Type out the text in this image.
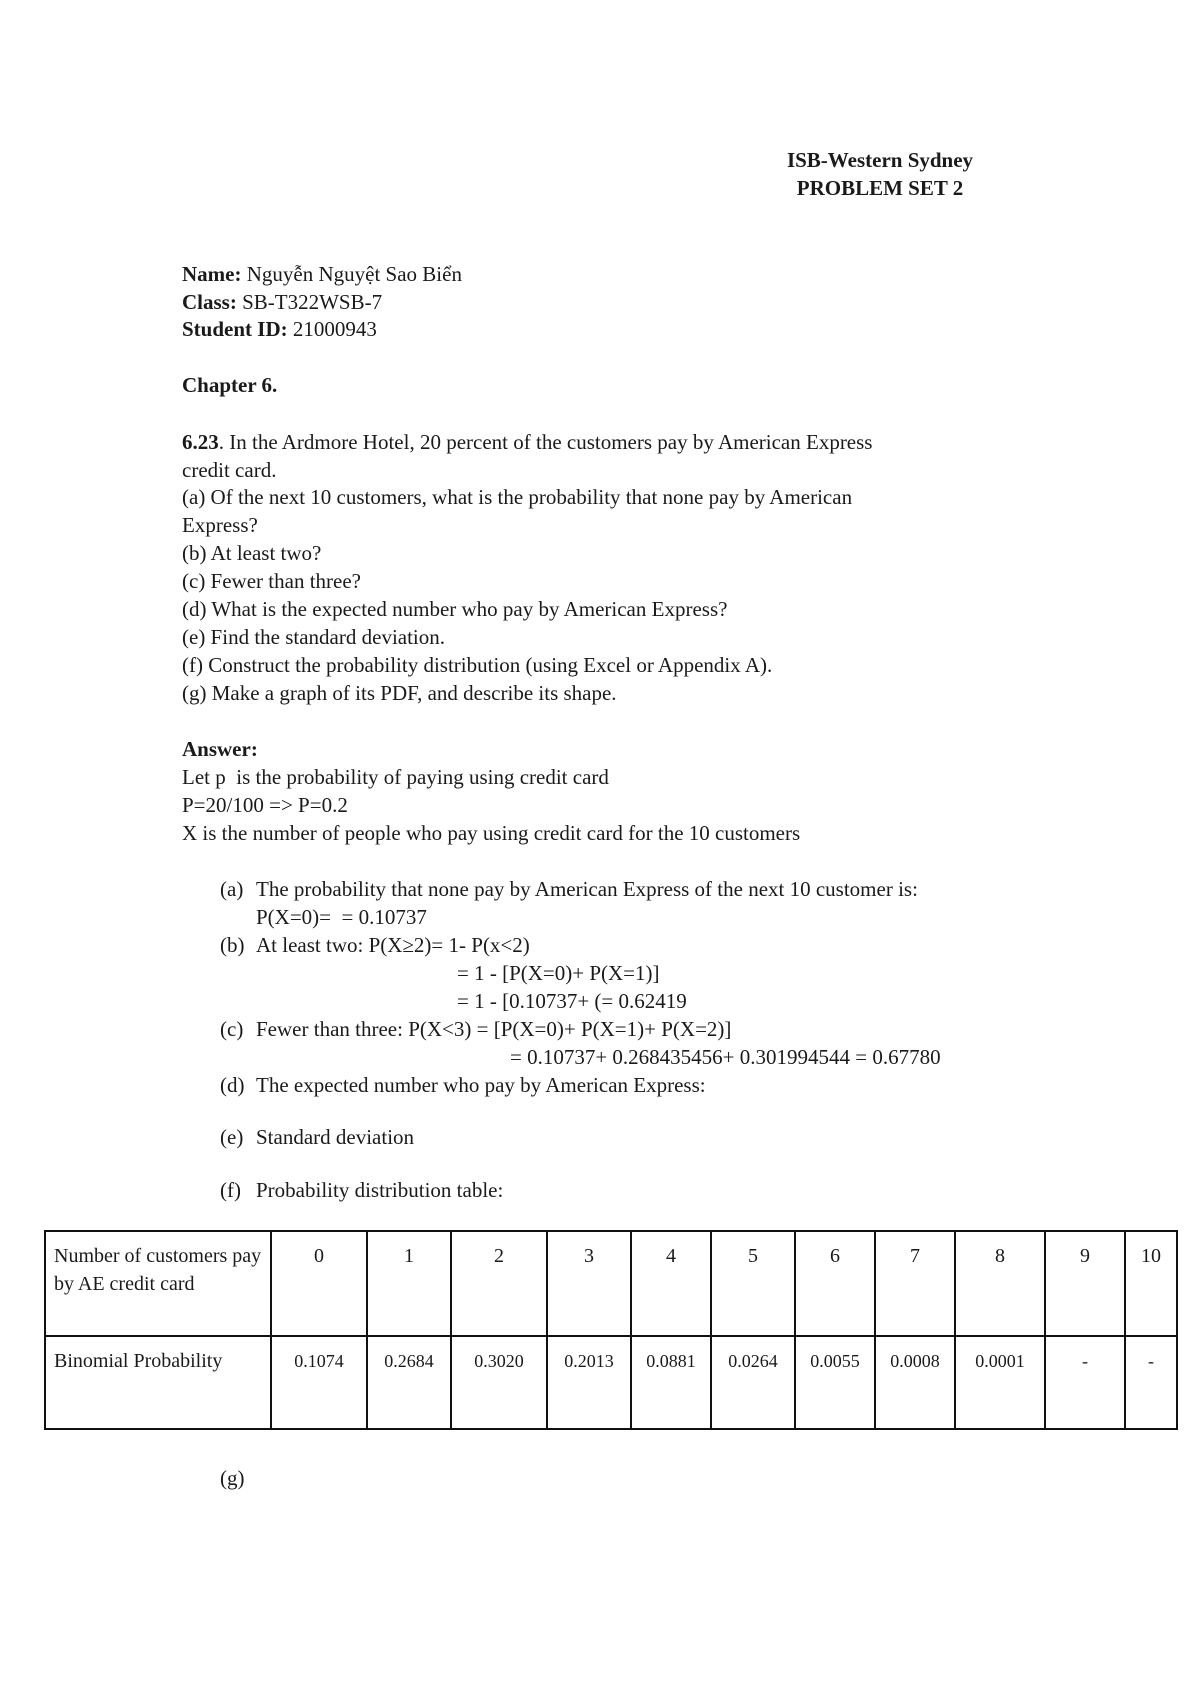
ISB-Western Sydney
PROBLEM SET 2
Name: Nguyễn Nguyệt Sao Biển
Class: SB-T322WSB-7
Student ID: 21000943
Chapter 6.
6.23. In the Ardmore Hotel, 20 percent of the customers pay by American Express
credit card.
(a) Of the next 10 customers, what is the probability that none pay by American
Express?
(b) At least two?
(c) Fewer than three?
(d) What is the expected number who pay by American Express?
(e) Find the standard deviation.
(f) Construct the probability distribution (using Excel or Appendix A).
(g) Make a graph of its PDF, and describe its shape.
Answer:
Let p  is the probability of paying using credit card
P=20/100 => P=0.2
X is the number of people who pay using credit card for the 10 customers
(a) The probability that none pay by American Express of the next 10 customer is:
P(X=0)=  = 0.10737
(b) At least two: P(X≥2)= 1- P(x<2)
= 1 - [P(X=0)+ P(X=1)]
= 1 - [0.10737+ (= 0.62419
(c) Fewer than three: P(X<3) = [P(X=0)+ P(X=1)+ P(X=2)]
= 0.10737+ 0.268435456+ 0.301994544 = 0.67780
(d) The expected number who pay by American Express:
(e) Standard deviation
(f) Probability distribution table:
Number of customers pay by AE credit card	0	1	2	3	4	5	6	7	8	9	10
Binomial Probability	0.1074	0.2684	0.3020	0.2013	0.0881	0.0264	0.0055	0.0008	0.0001	-	-
(g)
